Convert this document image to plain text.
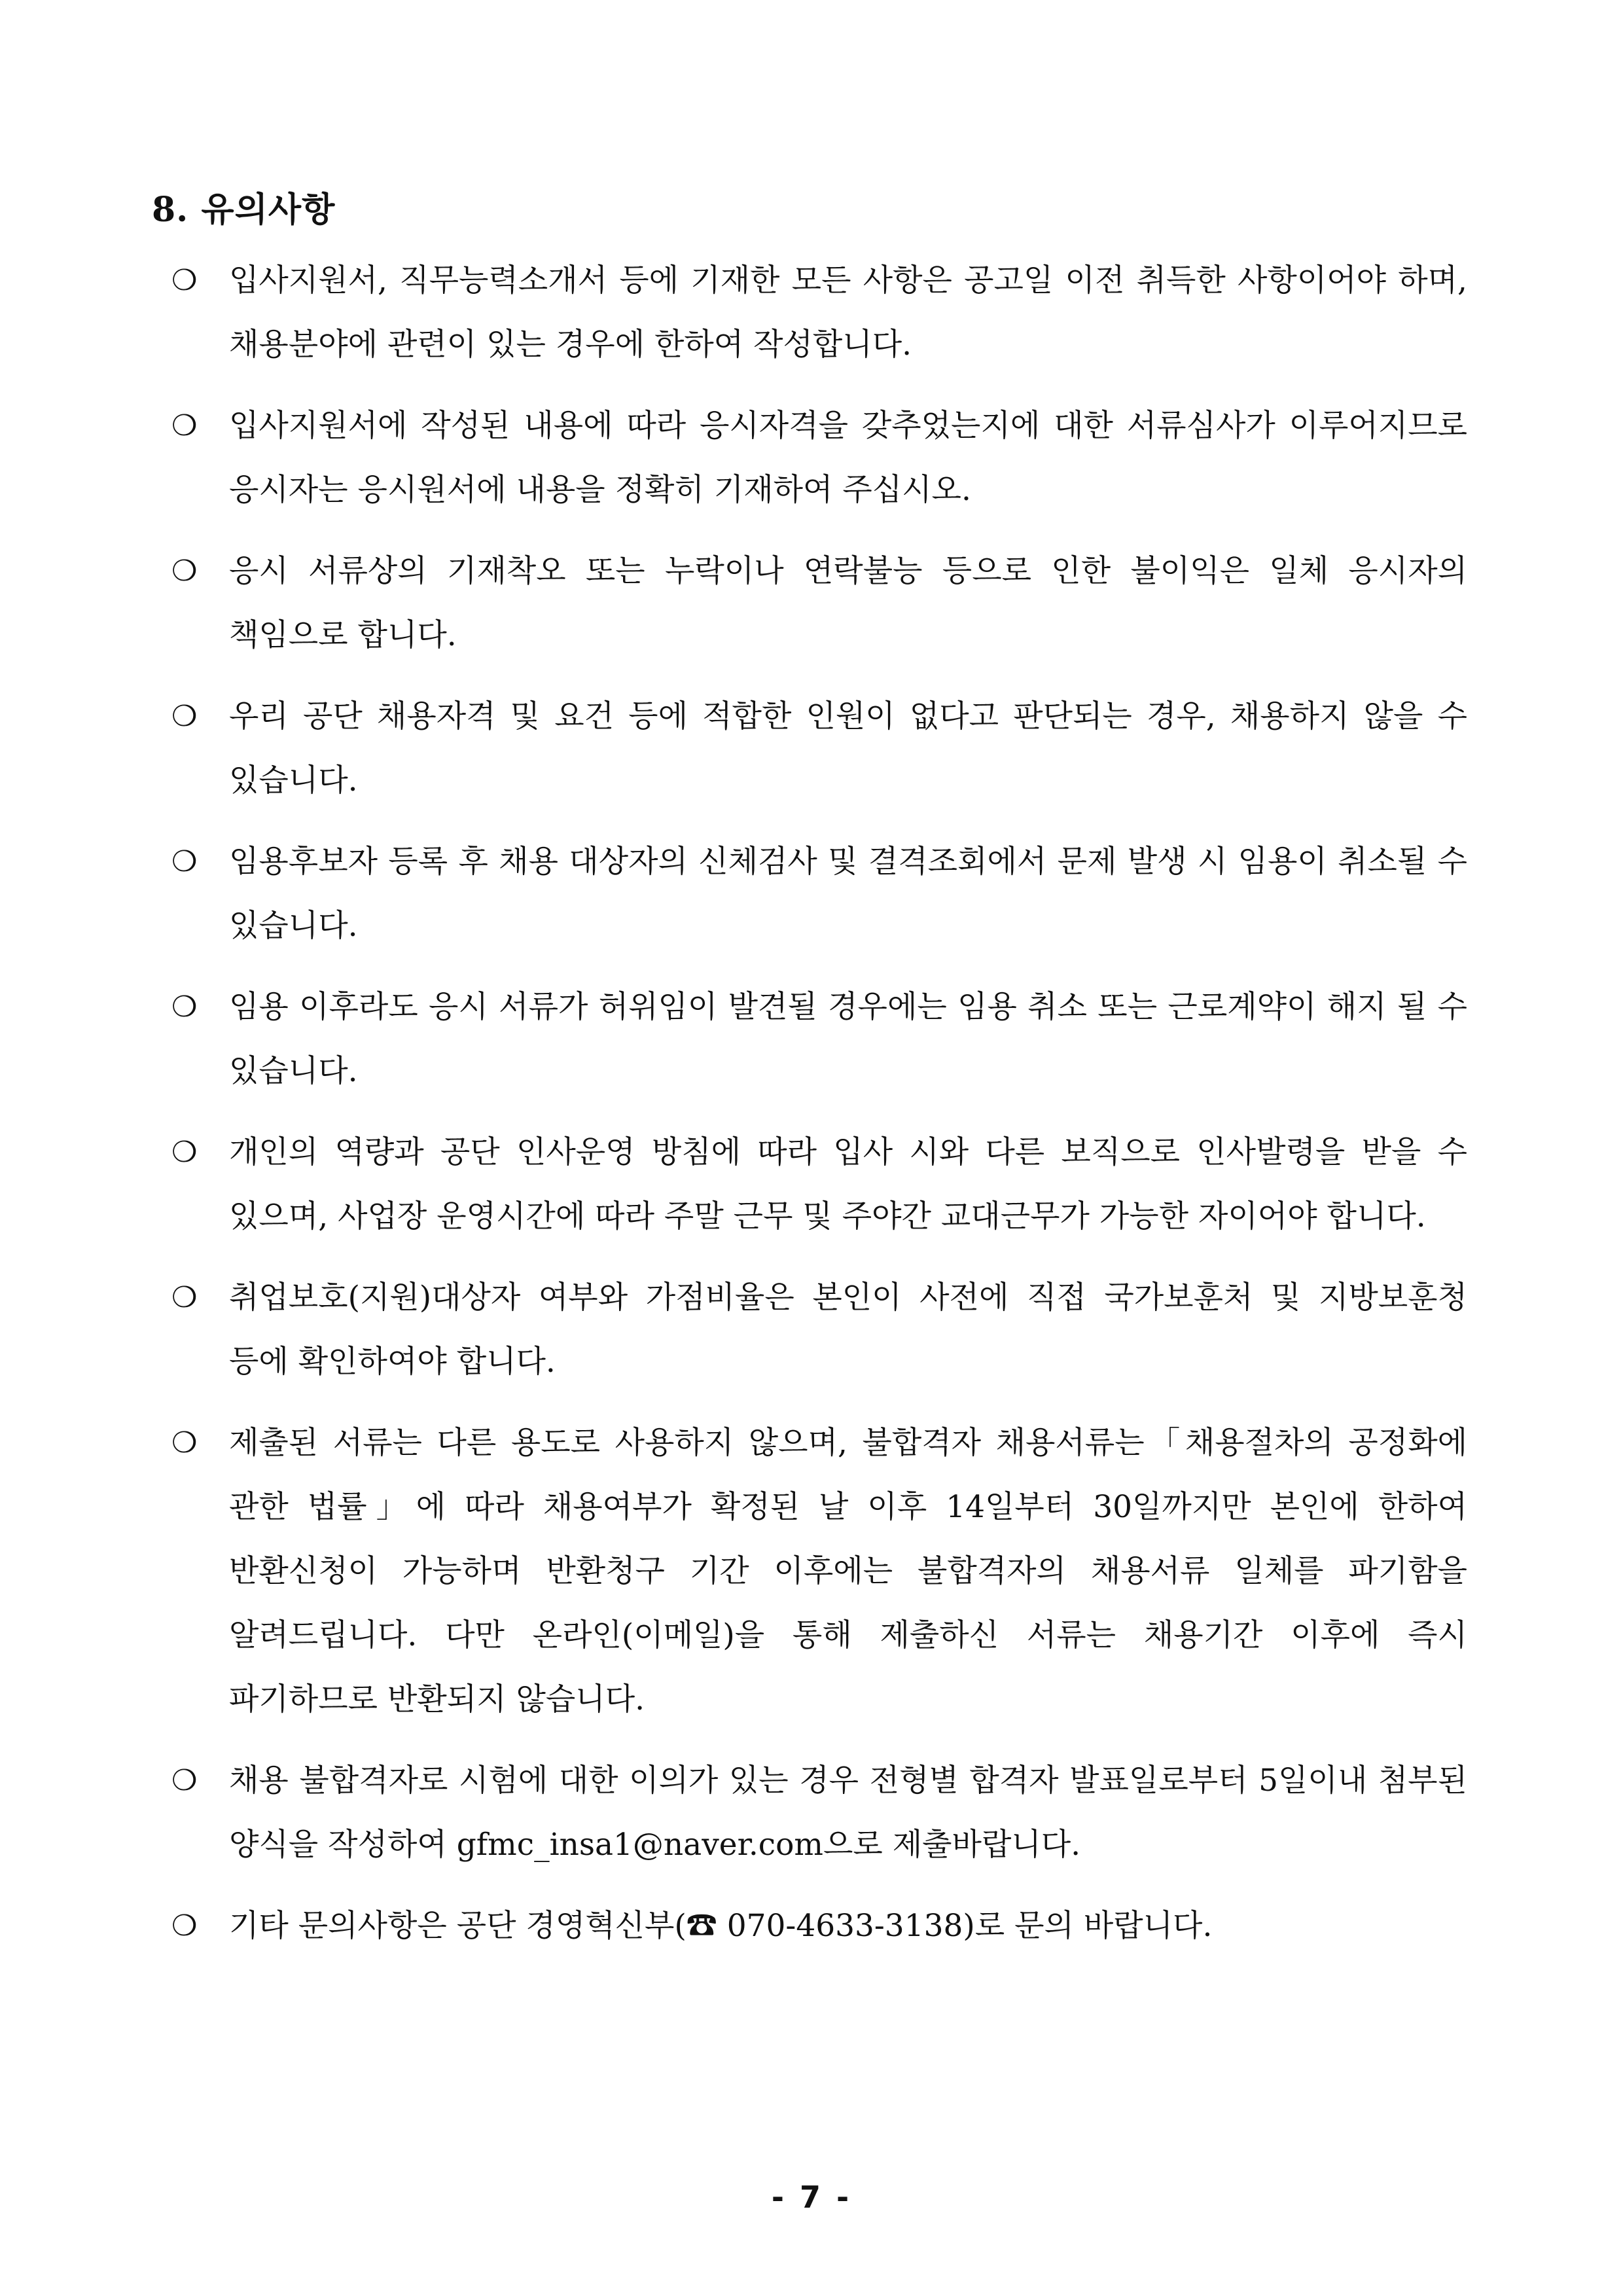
8. 유의사항
❍	입사지원서, 직무능력소개서 등에 기재한 모든 사항은 공고일 이전 취득한 사항이어야 하며, 채용분야에 관련이 있는 경우에 한하여 작성합니다.
❍	입사지원서에 작성된 내용에 따라 응시자격을 갖추었는지에 대한 서류심사가 이루어지므로 응시자는 응시원서에 내용을 정확히 기재하여 주십시오.
❍	응시 서류상의 기재착오 또는 누락이나 연락불능 등으로 인한 불이익은 일체 응시자의 책임으로 합니다.
❍	우리 공단 채용자격 및 요건 등에 적합한 인원이 없다고 판단되는 경우, 채용하지 않을 수 있습니다.
❍	임용후보자 등록 후 채용 대상자의 신체검사 및 결격조회에서 문제 발생 시 임용이 취소될 수 있습니다.
❍	임용 이후라도 응시 서류가 허위임이 발견될 경우에는 임용 취소 또는 근로계약이 해지 될 수 있습니다.
❍	개인의 역량과 공단 인사운영 방침에 따라 입사 시와 다른 보직으로 인사발령을 받을 수 있으며, 사업장 운영시간에 따라 주말 근무 및 주야간 교대근무가 가능한 자이어야 합니다.
❍	취업보호(지원)대상자 여부와 가점비율은 본인이 사전에 직접 국가보훈처 및 지방보훈청 등에 확인하여야 합니다.
❍	제출된 서류는 다른 용도로 사용하지 않으며, 불합격자 채용서류는「채용절차의 공정화에 관한 법률」에 따라 채용여부가 확정된 날 이후 14일부터 30일까지만 본인에 한하여 반환신청이 가능하며 반환청구 기간 이후에는 불합격자의 채용서류 일체를 파기함을 알려드립니다. 다만 온라인(이메일)을 통해 제출하신 서류는 채용기간 이후에 즉시 파기하므로 반환되지 않습니다.
❍	채용 불합격자로 시험에 대한 이의가 있는 경우 전형별 합격자 발표일로부터 5일이내 첨부된 양식을 작성하여 gfmc_insa1@naver.com으로 제출바랍니다.
❍	기타 문의사항은 공단 경영혁신부(☎ 070-4633-3138)로 문의 바랍니다.
- 7 -
